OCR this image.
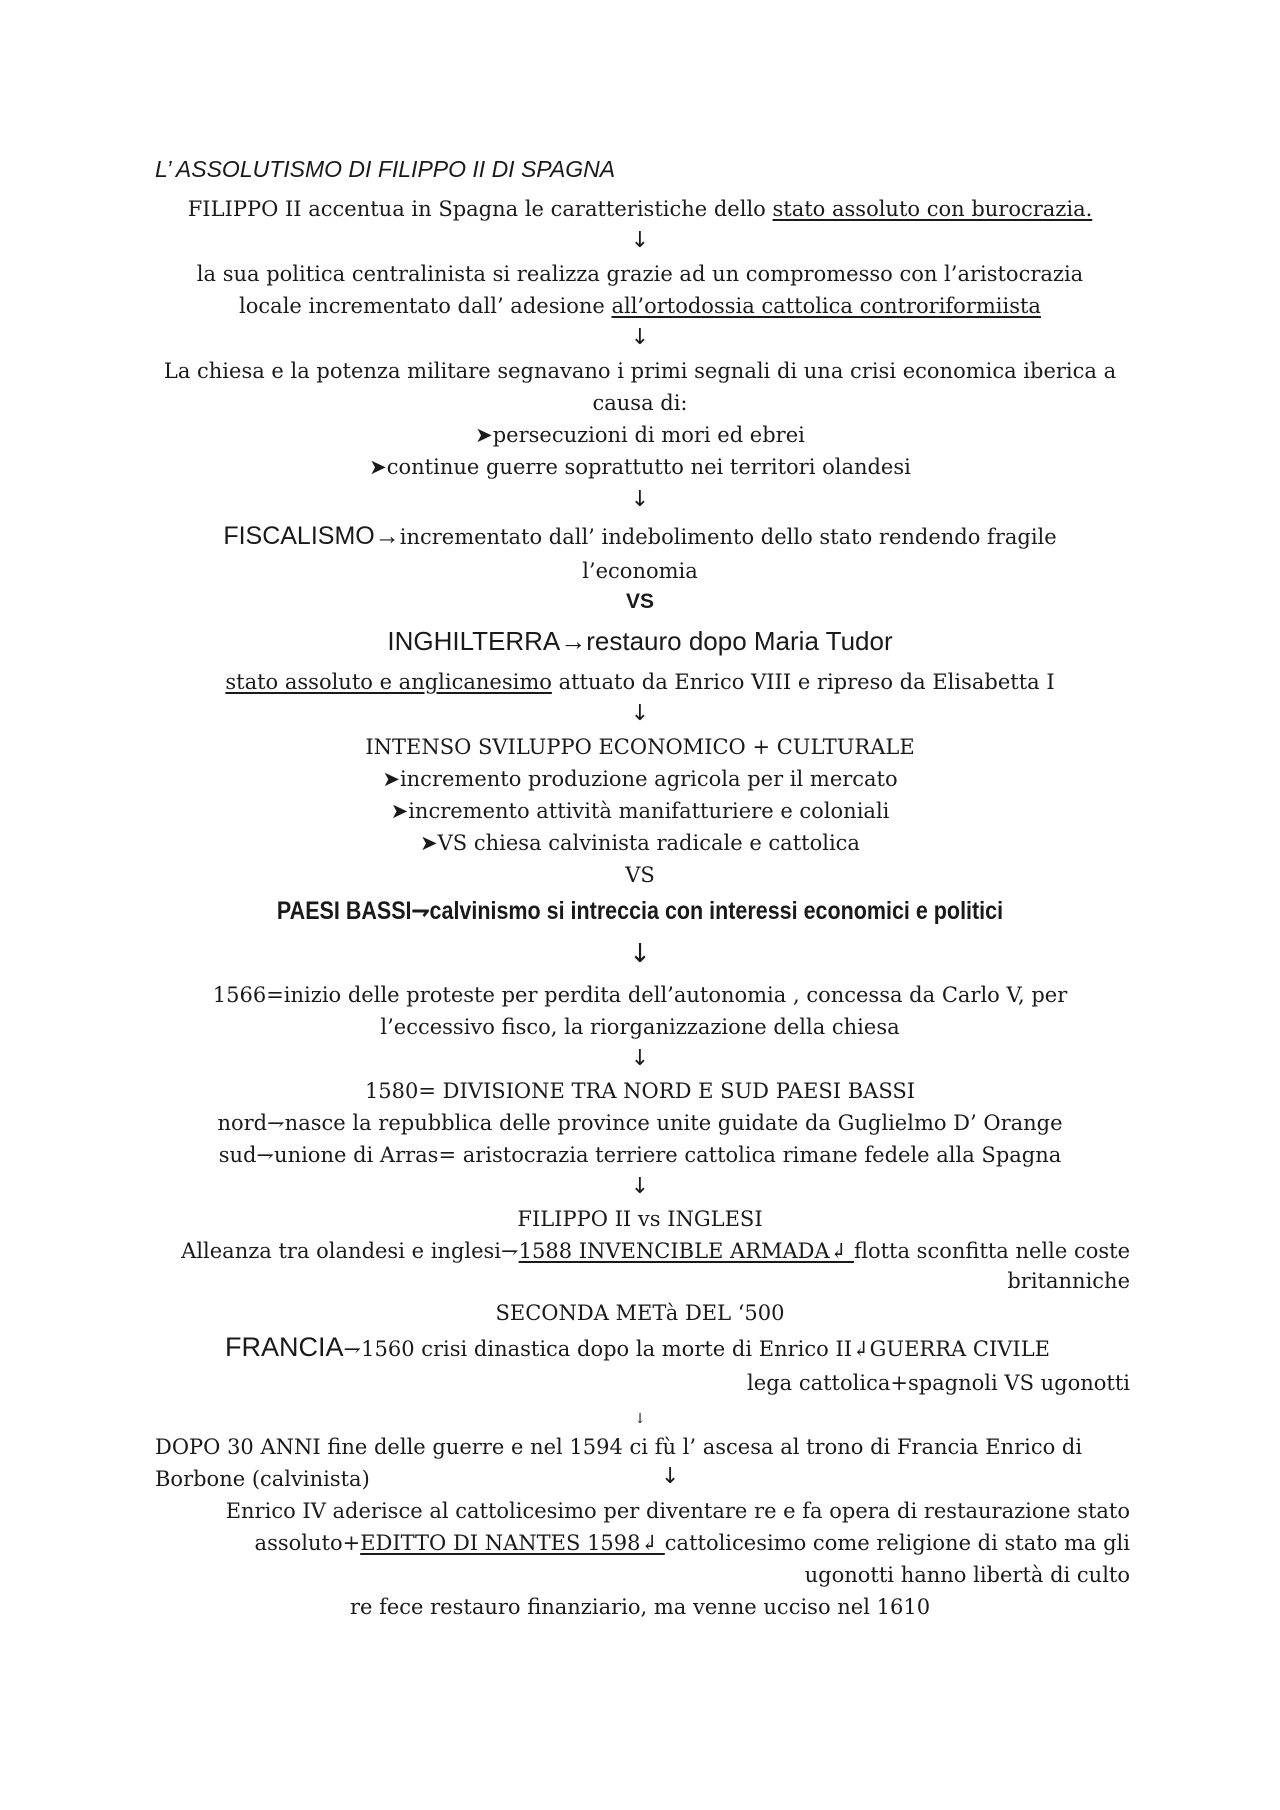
L’ ASSOLUTISMO DI FILIPPO II DI SPAGNA
FILIPPO II accentua in Spagna le caratteristiche dello stato assoluto con burocrazia.
↓
la sua politica centralinista si realizza grazie ad un compromesso con l’aristocrazia
locale incrementato dall’ adesione all’ortodossia cattolica controriformiista
↓
La chiesa e la potenza militare segnavano i primi segnali di una crisi economica iberica a
causa di:
➤persecuzioni di mori ed ebrei
➤continue guerre soprattutto nei territori olandesi
↓
FISCALISMO→incrementato dall’ indebolimento dello stato rendendo fragile
l’economia
VS
INGHILTERRA→restauro dopo Maria Tudor
stato assoluto e anglicanesimo attuato da Enrico VIII e ripreso da Elisabetta I
↓
INTENSO SVILUPPO ECONOMICO + CULTURALE
➤incremento produzione agricola per il mercato
➤incremento attività manifatturiere e coloniali
➤VS chiesa calvinista radicale e cattolica
VS
PAESI BASSI⇁calvinismo si intreccia con interessi economici e politici
↓
1566=inizio delle proteste per perdita dell’autonomia , concessa da Carlo V, per
l’eccessivo fisco, la riorganizzazione della chiesa
↓
1580= DIVISIONE TRA NORD E SUD PAESI BASSI
nord⇁nasce la repubblica delle province unite guidate da Guglielmo D’ Orange
sud⇁unione di Arras= aristocrazia terriere cattolica rimane fedele alla Spagna
↓
FILIPPO II vs INGLESI
Alleanza tra olandesi e inglesi⇁1588 INVENCIBLE ARMADA↲ flotta sconfitta nelle coste
britanniche
SECONDA METà DEL ‘500
FRANCIA⇁1560 crisi dinastica dopo la morte di Enrico II↲GUERRA CIVILE
lega cattolica+spagnoli VS ugonotti
↓
DOPO 30 ANNI fine delle guerre e nel 1594 ci fù l’ ascesa al trono di Francia Enrico di
Borbone (calvinista)	↓
Enrico IV aderisce al cattolicesimo per diventare re e fa opera di restaurazione stato
assoluto+EDITTO DI NANTES 1598↲ cattolicesimo come religione di stato ma gli
ugonotti hanno libertà di culto
re fece restauro finanziario, ma venne ucciso nel 1610
